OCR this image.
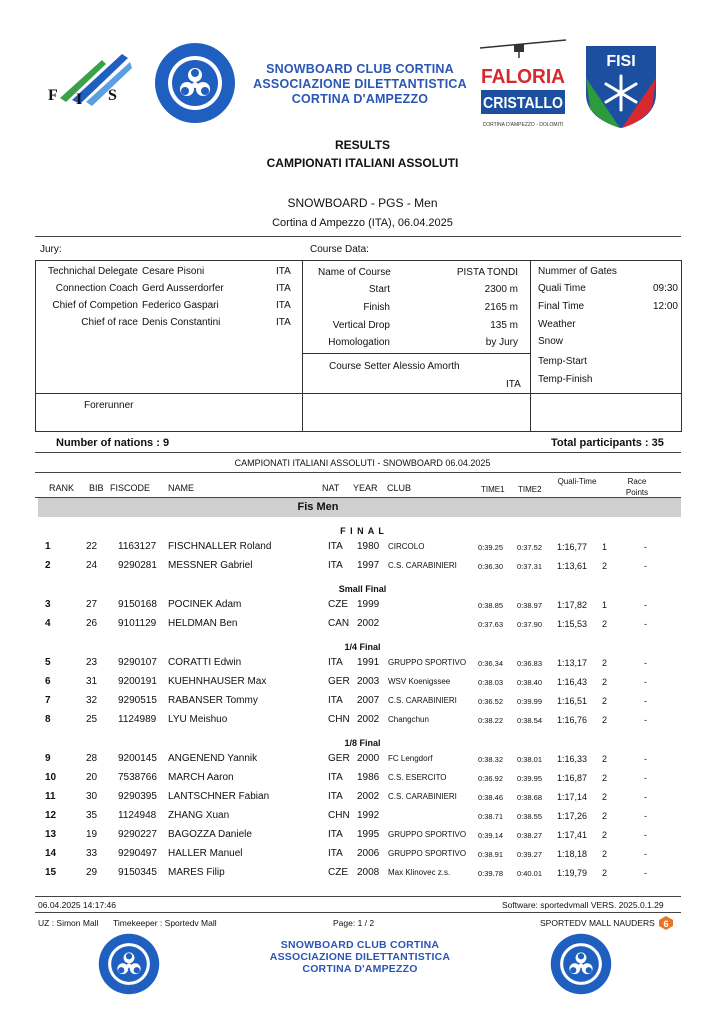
F I S
SNOWBOARD CLUB CORTINA
ASSOCIAZIONE DILETTANTISTICA
CORTINA D'AMPEZZO
FALORIA
CRISTALLO
CORTINA D'AMPEZZO - DOLOMITI
FISI
RESULTS
CAMPIONATI ITALIANI ASSOLUTI
SNOWBOARD - PGS - Men
Cortina d Ampezzo (ITA), 06.04.2025
Jury:	Course Data:
Technichal Delegate Cesare Pisoni	ITA
Connection Coach Gerd Ausserdorfer	ITA
Chief of Competion Federico Gaspari	ITA
Chief of race Denis Constantini	ITA
Forerunner
Name of Course	PISTA TONDI
Start	2300 m
Finish	2165 m
Vertical Drop	135 m
Homologation	by Jury
Course Setter Alessio Amorth
ITA
Nummer of Gates
Quali Time	09:30
Final Time	12:00
Weather
Snow
Temp-Start
Temp-Finish
Number of nations : 9	Total participants : 35
CAMPIONATI ITALIANI ASSOLUTI - SNOWBOARD 06.04.2025
RANK BIB FISCODE NAME	NAT YEAR CLUB	TIME1 TIME2
Quali-Time	Race Points
Fis Men
F I N A L
Small Final
1/4 Final
1/8 Final
1	22 1163127 FISCHNALLER Roland	ITA 1980 CIRCOLO	0:39.25 0:37.52 1:16,77 1	-
2	24 9290281 MESSNER Gabriel	ITA 1997 C.S. CARABINIERI	0:36.30 0:37.31 1:13,61 2	-
3	27 9150168 POCINEK Adam	CZE 1999	0:38.85 0:38.97 1:17,82 1	-
4	26 9101129 HELDMAN Ben	CAN 2002	0:37.63 0:37.90 1:15,53 2	-
5	23 9290107 CORATTI Edwin	ITA 1991 GRUPPO SPORTIVO 0:36.34 0:36.83 1:13,17 2	-
6	31 9200191 KUEHNHAUSER Max	GER 2003 WSV Koenigssee	0:38.03 0:38.40 1:16,43 2	-
7	32 9290515 RABANSER Tommy	ITA 2007 C.S. CARABINIERI	0:36.52 0:39.99 1:16,51 2	-
8	25 1124989 LYU Meishuo	CHN 2002 Changchun	0:38.22 0:38.54 1:16,76 2	-
9	28 9200145 ANGENEND Yannik	GER 2000 FC Lengdorf	0:38.32 0:38.01 1:16,33 2	-
10	20 7538766 MARCH Aaron	ITA 1986 C.S. ESERCITO	0:36.92 0:39.95 1:16,87 2	-
11	30 9290395 LANTSCHNER Fabian	ITA 2002 C.S. CARABINIERI	0:38.46 0:38.68 1:17,14 2	-
12	35 1124948 ZHANG Xuan	CHN 1992	0:38.71 0:38.55 1:17,26 2	-
13	19 9290227 BAGOZZA Daniele	ITA 1995 GRUPPO SPORTIVO 0:39.14 0:38.27 1:17,41 2	-
14	33 9290497 HALLER Manuel	ITA 2006 GRUPPO SPORTIVO 0:38.91 0:39.27 1:18,18 2	-
15	29 9150345 MARES Filip	CZE 2008 Max Klinovec z.s.	0:39.78 0:40.01 1:19,79 2	-
06.04.2025 14:17:46	Software: sportedvmall VERS. 2025.0.1.29
UZ : Simon Mall Timekeeper : Sportedv Mall	Page: 1 / 2	SPORTEDV MALL NAUDERS 6
SNOWBOARD CLUB CORTINA
ASSOCIAZIONE DILETTANTISTICA
CORTINA D'AMPEZZO
